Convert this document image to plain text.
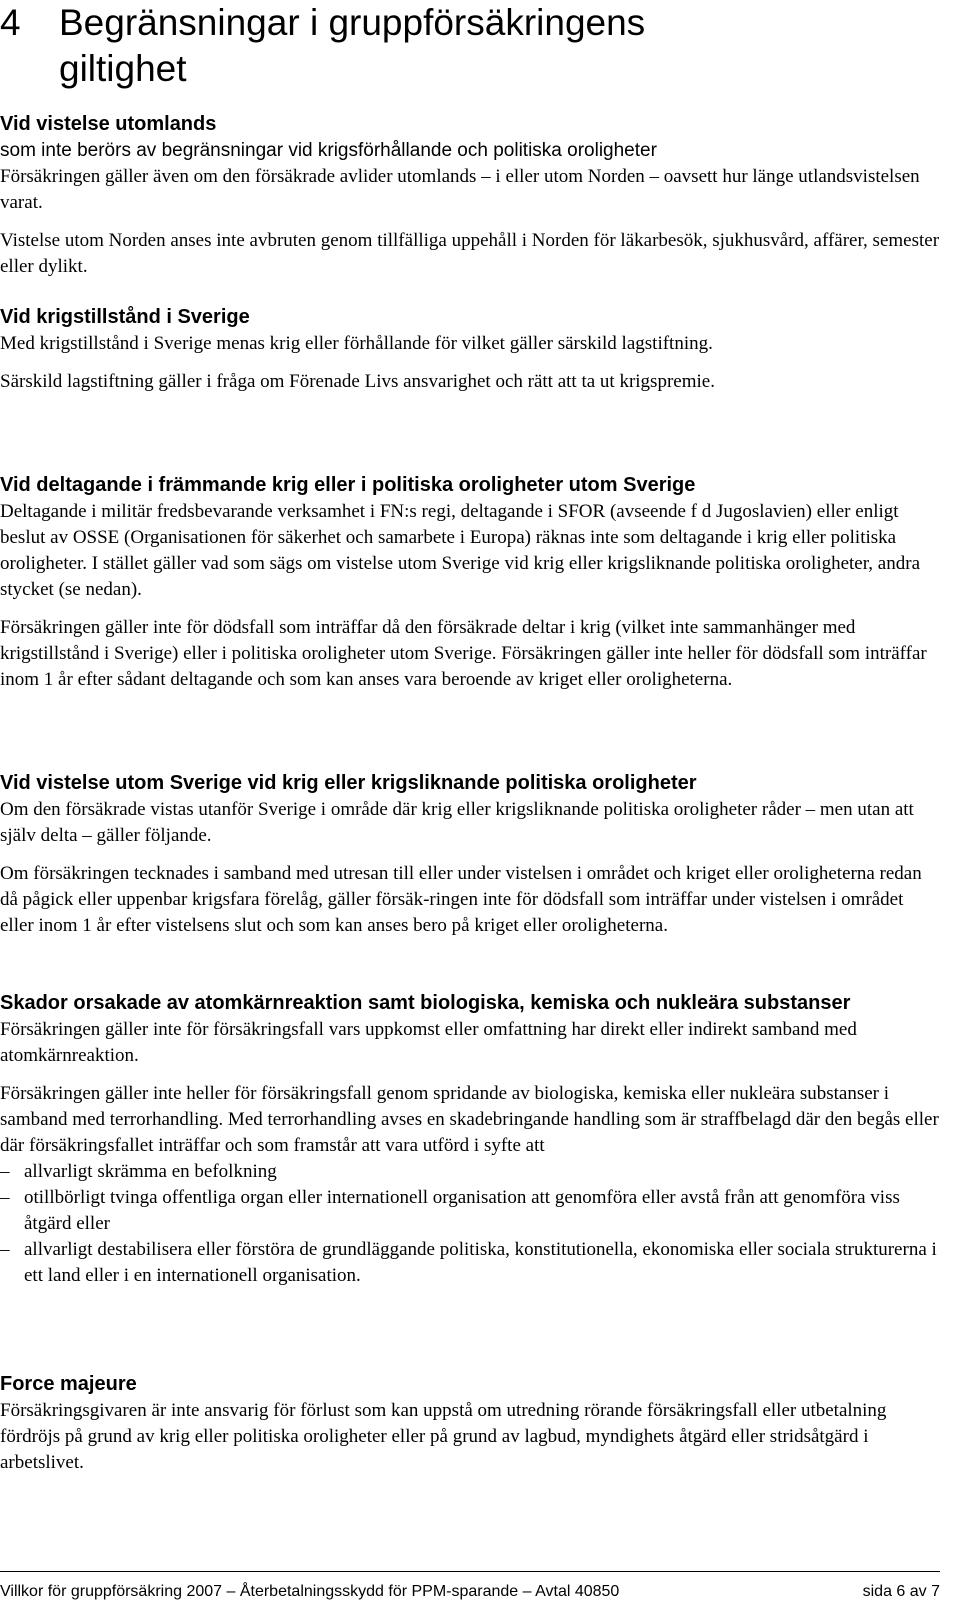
4 Begränsningar i gruppförsäkringens
giltighet
Vid vistelse utomlands

som inte berörs av begränsningar vid krigsförhållande och politiska oroligheter

Försäkringen gäller även om den försäkrade avlider utomlands – i eller utom Norden – oavsett hur länge utlandsvistelsen varat.

Vistelse utom Norden anses inte avbruten genom tillfälliga uppehåll i Norden för läkarbesök, sjukhusvård, affärer, semester eller dylikt.

Vid krigstillstånd i Sverige

Med krigstillstånd i Sverige menas krig eller förhållande för vilket gäller särskild lagstiftning.

Särskild lagstiftning gäller i fråga om Förenade Livs ansvarighet och rätt att ta ut krigspremie.

Vid deltagande i främmande krig eller i politiska oroligheter utom Sverige

Deltagande i militär fredsbevarande verksamhet i FN:s regi, deltagande i SFOR (avseende f d Jugoslavien) eller enligt beslut av OSSE (Organisationen för säkerhet och samarbete i Europa) räknas inte som deltagande i krig eller politiska oroligheter. I stället gäller vad som sägs om vistelse utom Sverige vid krig eller krigsliknande politiska oroligheter, andra stycket (se nedan).

Försäkringen gäller inte för dödsfall som inträffar då den försäkrade deltar i krig (vilket inte sammanhänger med krigstillstånd i Sverige) eller i politiska oroligheter utom Sverige. Försäkringen gäller inte heller för dödsfall som inträffar inom 1 år efter sådant deltagande och som kan anses vara beroende av kriget eller oroligheterna.

Vid vistelse utom Sverige vid krig eller krigsliknande politiska oroligheter

Om den försäkrade vistas utanför Sverige i område där krig eller krigsliknande politiska oroligheter råder – men utan att själv delta – gäller följande.

Om försäkringen tecknades i samband med utresan till eller under vistelsen i området och kriget eller oroligheterna redan då pågick eller uppenbar krigsfara förelåg, gäller försäk-ringen inte för dödsfall som inträffar under vistelsen i området eller inom 1 år efter vistelsens slut och som kan anses bero på kriget eller oroligheterna.

Skador orsakade av atomkärnreaktion samt biologiska, kemiska och nukleära substanser

Försäkringen gäller inte för försäkringsfall vars uppkomst eller omfattning har direkt eller indirekt samband med atomkärnreaktion.

Försäkringen gäller inte heller för försäkringsfall genom spridande av biologiska, kemiska eller nukleära substanser i samband med terrorhandling. Med terrorhandling avses en skadebringande handling som är straffbelagd där den begås eller där försäkringsfallet inträffar och som framstår att vara utförd i syfte att

– allvarligt skrämma en befolkning
– otillbörligt tvinga offentliga organ eller internationell organisation att genomföra eller avstå från att genomföra viss åtgärd eller
– allvarligt destabilisera eller förstöra de grundläggande politiska, konstitutionella, ekonomiska eller sociala strukturerna i ett land eller i en internationell organisation.
Force majeure

Försäkringsgivaren är inte ansvarig för förlust som kan uppstå om utredning rörande försäkringsfall eller utbetalning fördröjs på grund av krig eller politiska oroligheter eller på grund av lagbud, myndighets åtgärd eller stridsåtgärd i arbetslivet.

Villkor för gruppförsäkring 2007 – Återbetalningsskydd för PPM-sparande – Avtal 40850	sida 6 av 7
